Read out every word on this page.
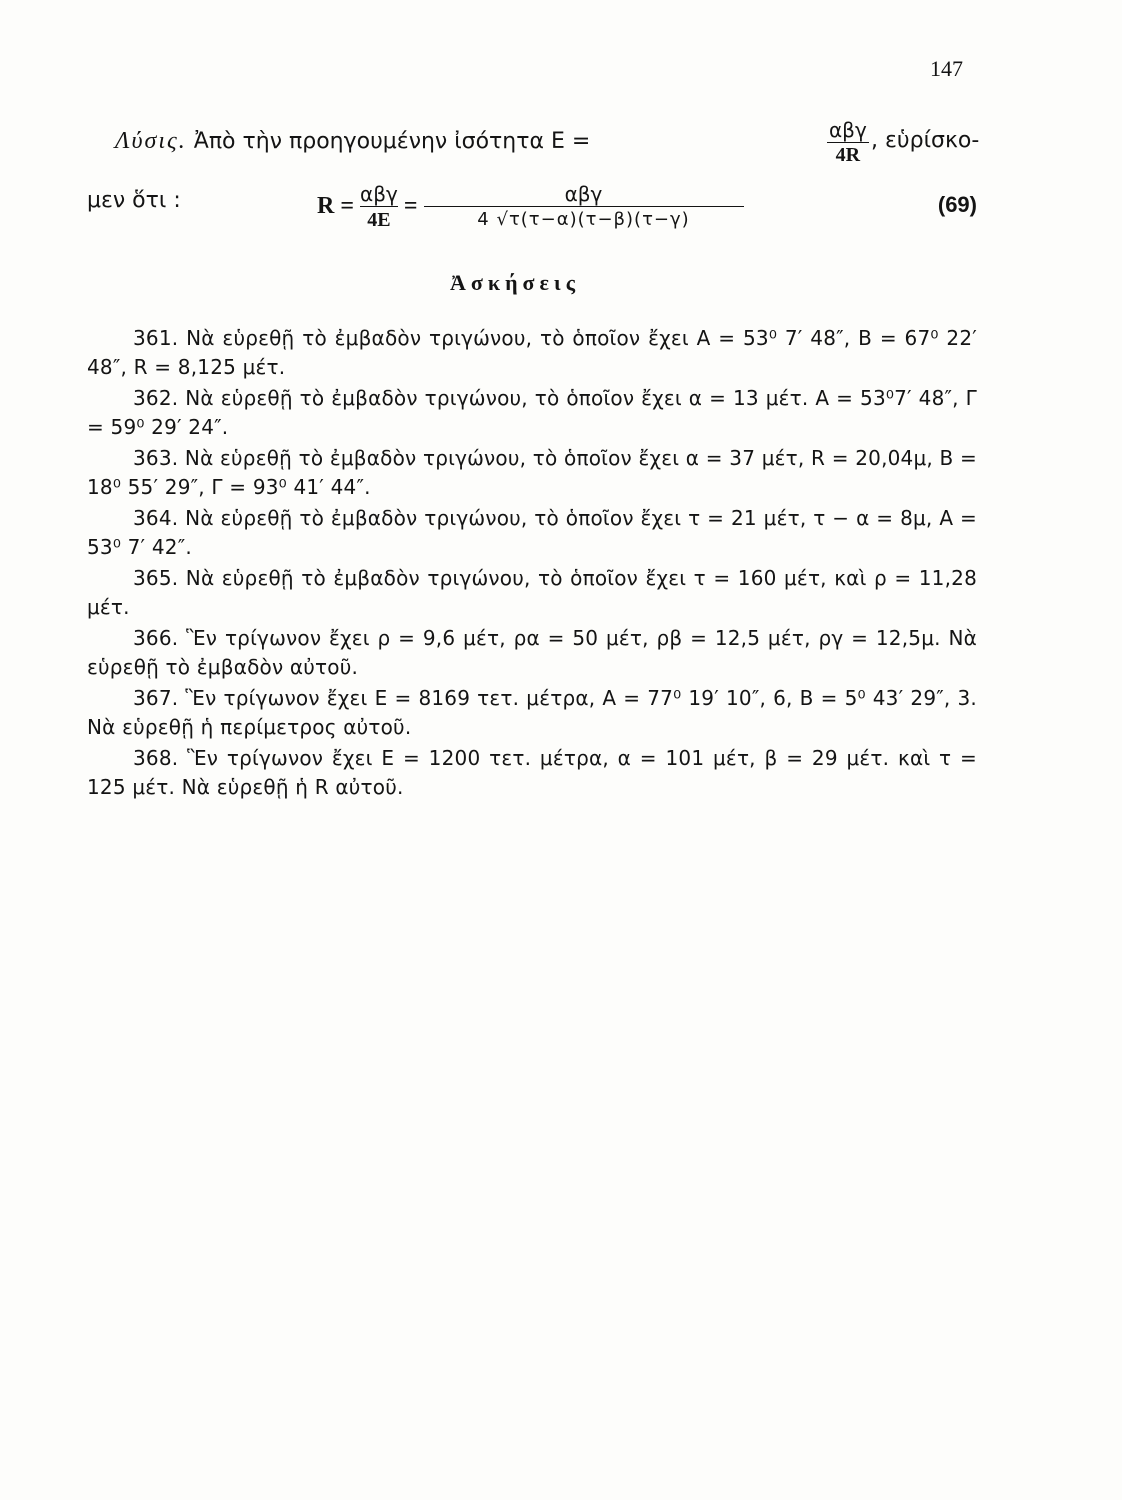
147
Λύσις. Ἀπὸ τὴν προηγουμένην ἰσότητα Ε =	αβγ
4R
, εὑρίσκο-
μεν ὅτι :	$R = \frac{\text{αβγ}}{4E} = \frac{\text{αβγ}}{4 √\tau(\tau-\alpha)(\tau-\beta)(\tau-\gamma)}$	(69)
Ἀσκήσεις

361. Νὰ εὑρεθῇ τὸ ἐμβαδὸν τριγώνου, τὸ ὁποῖον ἔχει Α = 53⁰ 7′ 48″, Β = 67⁰ 22′ 48″, R = 8,125 μέτ.

362. Νὰ εὑρεθῇ τὸ ἐμβαδὸν τριγώνου, τὸ ὁποῖον ἔχει α = 13 μέτ. Α = 53⁰7′ 48″, Γ = 59⁰ 29′ 24″.

363. Νὰ εὑρεθῇ τὸ ἐμβαδὸν τριγώνου, τὸ ὁποῖον ἔχει α = 37 μέτ, R = 20,04μ, Β = 18⁰ 55′ 29″, Γ = 93⁰ 41′ 44″.

364. Νὰ εὑρεθῇ τὸ ἐμβαδὸν τριγώνου, τὸ ὁποῖον ἔχει τ = 21 μέτ, τ − α = 8μ, Α = 53⁰ 7′ 42″.

365. Νὰ εὑρεθῇ τὸ ἐμβαδὸν τριγώνου, τὸ ὁποῖον ἔχει τ = 160 μέτ, καὶ ρ = 11,28 μέτ.

366. Ἓν τρίγωνον ἔχει ρ = 9,6 μέτ, ρα = 50 μέτ, ρβ = 12,5 μέτ, ργ = 12,5μ. Νὰ εὑρεθῇ τὸ ἐμβαδὸν αὐτοῦ.

367. Ἓν τρίγωνον ἔχει Ε = 8169 τετ. μέτρα, Α = 77⁰ 19′ 10″, 6, Β = 5⁰ 43′ 29″, 3. Νὰ εὑρεθῇ ἡ περίμετρος αὐτοῦ.

368. Ἓν τρίγωνον ἔχει Ε = 1200 τετ. μέτρα, α = 101 μέτ, β = 29 μέτ. καὶ τ = 125 μέτ. Νὰ εὑρεθῇ ἡ R αὐτοῦ.
